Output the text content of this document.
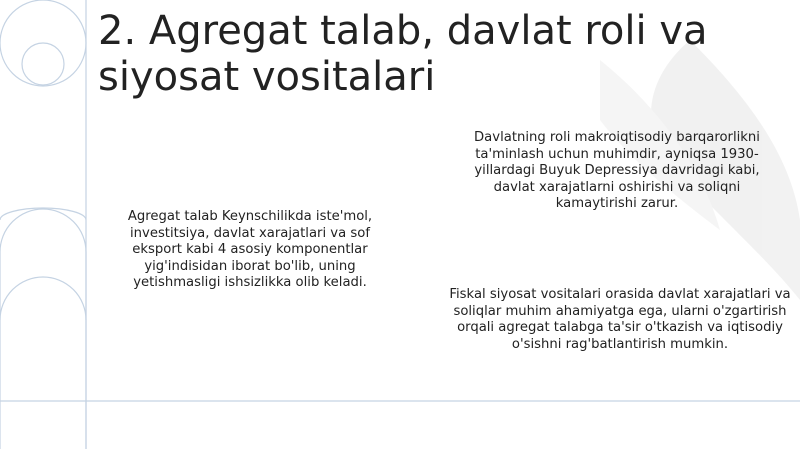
2. Agregat talab, davlat roli va siyosat vositalari

Agregat talab Keynschilikda iste'mol, investitsiya, davlat xarajatlari va sof eksport kabi 4 asosiy komponentlar yig'indisidan iborat bo'lib, uning yetishmasligi ishsizlikka olib keladi.

Davlatning roli makroiqtisodiy barqarorlikni ta'minlash uchun muhimdir, ayniqsa 1930-yillardagi Buyuk Depressiya davridagi kabi, davlat xarajatlarni oshirishi va soliqni kamaytirishi zarur.

Fiskal siyosat vositalari orasida davlat xarajatlari va soliqlar muhim ahamiyatga ega, ularni o'zgartirish orqali agregat talabga ta'sir o'tkazish va iqtisodiy o'sishni rag'batlantirish mumkin.
